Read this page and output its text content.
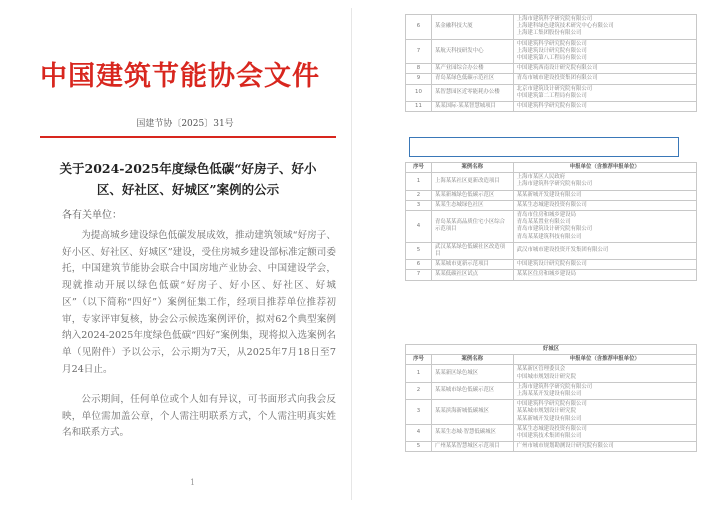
中国建筑节能协会文件
国建节协〔2025〕31号
关于2024-2025年度绿色低碳“好房子、好小区、好社区、好城区”案例的公示
各有关单位：

为提高城乡建设绿色低碳发展成效，推动建筑领域“好房子、好小区、好社区、好城区”建设，受住房城乡建设部标准定额司委托，中国建筑节能协会联合中国房地产业协会、中国建设学会，现就推动开展以绿色低碳“好房子、好小区、好社区、好城区”（以下简称“四好”）案例征集工作，经项目推荐单位推荐初审，专家评审复核，协会公示候选案例评价，拟对62个典型案例纳入2024-2025年度绿色低碳“四好”案例集，现将拟入选案例名单（见附件）予以公示，公示期为7天，从2025年7月18日至7月24日止。

公示期间，任何单位或个人如有异议，可书面形式向我会反映，单位需加盖公章，个人需注明联系方式，个人需注明真实姓名和联系方式。

1
6	某金融科技大厦	上海市建筑科学研究院有限公司
上海建科绿色建筑技术研究中心有限公司
上海建工集团股份有限公司

7	某航天科技研发中心	中国建筑科学研究院有限公司
上海建筑设计研究院有限公司
中国建筑第八工程局有限公司

8	某产业园综合办公楼	中国建筑西南设计研究院有限公司

9	青岛某绿色低碳示范社区	青岛市城市建设投资集团有限公司

10	某智慧园区近零能耗办公楼	北京市建筑设计研究院有限公司
中国建筑第二工程局有限公司

11	某某国际·某某智慧城项目	中国建筑科学研究院有限公司
序号	案例名称	申报单位（含推荐申报单位）
1	上海某某社区更新改造项目	上海市某区人民政府
上海市建筑科学研究院有限公司

2	某某新城绿色低碳示范区	某某新城开发建设有限公司

3	某某生态城绿色社区	某某生态城建设投资有限公司

4	青岛某某高品质住宅小区综合示范项目	青岛市住房和城乡建设局
青岛某某置业有限公司
青岛市建筑设计研究院有限公司
青岛某某建筑科技有限公司

5	武汉某某绿色低碳社区改造项目	武汉市城市建设投资开发集团有限公司

6	某某城市更新示范项目	中国建筑设计研究院有限公司

7	某某低碳社区试点	某某区住房和城乡建设局
好城区		
序号	案例名称	申报单位（含推荐申报单位）
1	某某新区绿色城区	某某新区管理委员会
中国城市规划设计研究院

2	某某城市绿色低碳示范区	上海市建筑科学研究院有限公司
上海某某开发建设有限公司

3	某某滨海新城低碳城区	中国建筑科学研究院有限公司
某某城市规划设计研究院
某某新城开发建设有限公司

4	某某生态城·智慧低碳城区	某某生态城建设投资有限公司
中国建筑技术集团有限公司

5	广州某某智慧城区示范项目	广州市城市规划勘测设计研究院有限公司
